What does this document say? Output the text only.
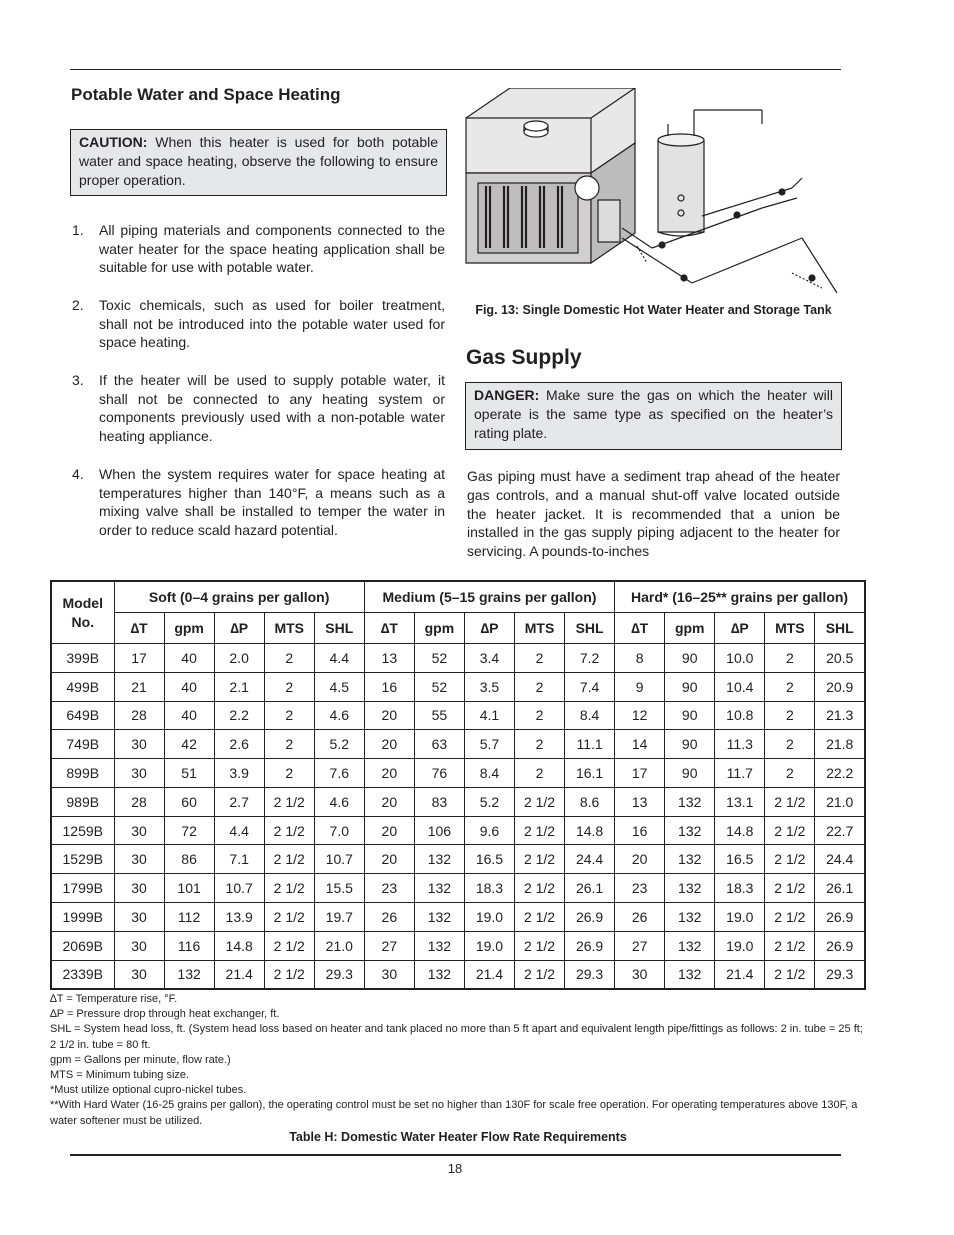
Potable Water and Space Heating
CAUTION: When this heater is used for both potable water and space heating, observe the following to ensure proper operation.
1. All piping materials and components connected to the water heater for the space heating application shall be suitable for use with potable water.
2. Toxic chemicals, such as used for boiler treatment, shall not be introduced into the potable water used for space heating.
3. If the heater will be used to supply potable water, it shall not be connected to any heating system or components previously used with a non-potable water heating appliance.
4. When the system requires water for space heating at temperatures higher than 140°F, a means such as a mixing valve shall be installed to temper the water in order to reduce scald hazard potential.
Fig. 13: Single Domestic Hot Water Heater and Storage Tank
Gas Supply
DANGER: Make sure the gas on which the heater will operate is the same type as specified on the heater’s rating plate.
Gas piping must have a sediment trap ahead of the heater gas controls, and a manual shut-off valve located outside the heater jacket. It is recommended that a union be installed in the gas supply piping adjacent to the heater for servicing. A pounds-to-inches
Model No.	Soft (0–4 grains per gallon)					Medium (5–15 grains per gallon)					Hard* (16–25** grains per gallon)				
	∆T	gpm	∆P	MTS	SHL	∆T	gpm	∆P	MTS	SHL	∆T	gpm	∆P	MTS	SHL
399B	17	40	2.0	2	4.4	13	52	3.4	2	7.2	8	90	10.0	2	20.5
499B	21	40	2.1	2	4.5	16	52	3.5	2	7.4	9	90	10.4	2	20.9
649B	28	40	2.2	2	4.6	20	55	4.1	2	8.4	12	90	10.8	2	21.3
749B	30	42	2.6	2	5.2	20	63	5.7	2	11.1	14	90	11.3	2	21.8
899B	30	51	3.9	2	7.6	20	76	8.4	2	16.1	17	90	11.7	2	22.2
989B	28	60	2.7	2 1/2	4.6	20	83	5.2	2 1/2	8.6	13	132	13.1	2 1/2	21.0
1259B	30	72	4.4	2 1/2	7.0	20	106	9.6	2 1/2	14.8	16	132	14.8	2 1/2	22.7
1529B	30	86	7.1	2 1/2	10.7	20	132	16.5	2 1/2	24.4	20	132	16.5	2 1/2	24.4
1799B	30	101	10.7	2 1/2	15.5	23	132	18.3	2 1/2	26.1	23	132	18.3	2 1/2	26.1
1999B	30	112	13.9	2 1/2	19.7	26	132	19.0	2 1/2	26.9	26	132	19.0	2 1/2	26.9
2069B	30	116	14.8	2 1/2	21.0	27	132	19.0	2 1/2	26.9	27	132	19.0	2 1/2	26.9
2339B	30	132	21.4	2 1/2	29.3	30	132	21.4	2 1/2	29.3	30	132	21.4	2 1/2	29.3
∆T = Temperature rise, °F.
∆P = Pressure drop through heat exchanger, ft.
SHL = System head loss, ft. (System head loss based on heater and tank placed no more than 5 ft apart and equivalent length pipe/fittings as follows: 2 in. tube = 25 ft; 2 1/2 in. tube = 80 ft.
gpm = Gallons per minute, flow rate.)
MTS = Minimum tubing size.
*Must utilize optional cupro-nickel tubes.
**With Hard Water (16-25 grains per gallon), the operating control must be set no higher than 130F for scale free operation. For operating temperatures above 130F, a water softener must be utilized.
Table H: Domestic Water Heater Flow Rate Requirements
18
